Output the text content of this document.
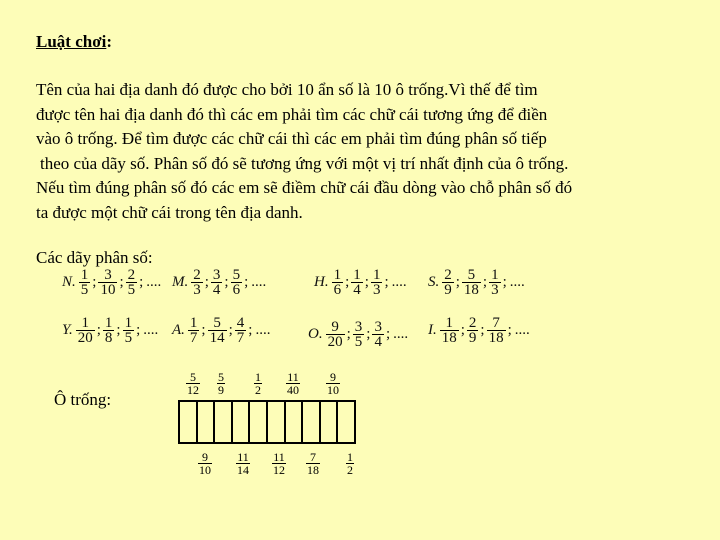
Luật chơi:
Tên của hai địa danh đó được cho bởi 10 ẩn số là 10 ô trống.Vì thế để tìm
được tên hai địa danh đó thì các em phải tìm các chữ cái tương ứng để điền
vào ô trống. Để tìm được các chữ cái thì các em phải tìm đúng phân số tiếp
theo của dãy số. Phân số đó sẽ tương ứng với một vị trí nhất định của ô trống.
Nếu tìm đúng phân số đó các em sẽ điềm chữ cái đầu dòng vào chỗ phân số đó
ta được một chữ cái trong tên địa danh.
Các dãy phân số:
N. $\frac{1}{5}$ ; $\frac{3}{10}$ ; $\frac{2}{5}$ ; .... M. $\frac{2}{3}$ ; $\frac{3}{4}$ ; $\frac{5}{6}$ ; ....	H. $\frac{1}{6}$ ; $\frac{1}{4}$ ; $\frac{1}{3}$ ; .... S. $\frac{2}{9}$ ; $\frac{5}{18}$ ; $\frac{1}{3}$ ; ....
Y. $\frac{1}{20}$ ; $\frac{1}{8}$ ; $\frac{1}{5}$ ; .... A. $\frac{1}{7}$ ; $\frac{5}{14}$ ; $\frac{4}{7}$ ; ....	O. $\frac{9}{20}$ ; $\frac{3}{5}$ ; $\frac{3}{4}$ ; .... I. $\frac{1}{18}$ ; $\frac{2}{9}$ ; $\frac{7}{18}$ ; ....
Ô trống:
$\frac{5}{12} \frac{5}{9} \frac{1}{2} \frac{11}{40} \frac{9}{10}$
$\frac{9}{10} \frac{11}{14} \frac{11}{12} \frac{7}{18} \frac{1}{2}$
